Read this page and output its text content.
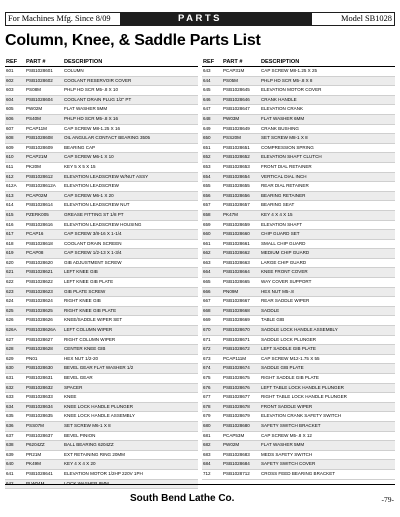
For Machines Mfg. Since 8/09	PARTS	Model SB1028
Column, Knee, & Saddle Parts List
REF	PART #	DESCRIPTION
601	PSB1028601	COLUMN
602	PSB1028602	COOLANT RESERVOIR COVER
603	PS08M	PHLP HD SCR M5-.8 X 10
604	PSB1028604	COOLANT DRAIN PLUG 1/2" PT
605	PW02M	FLAT WASHER 5MM
606	PS40M	PHLP HD SCR M5-.8 X 16
607	PCAP11M	CAP SCREW M8-1.25 X 16
608	PSB1028608	OIL ANGULAR CONTACT BEARING 3505
609	PSB1028609	BEARING CAP
610	PCAP21M	CAP SCREW M6-1 X 10
611	PK20M	KEY 5 X 5 X 15
612	PSB1028612	ELEVATION LEADSCREW W/NUT ASSY
612A	PSB1028612A	ELEVATION LEADSCREW
613	PCAP02M	CAP SCREW M6-1 X 20
614	PSB1028614	ELEVATION LEADSCREW NUT
615	PZERK005	GREASE FITTING ST 1/8 PT
616	PSB1028616	ELEVATION LEADSCREW HOUSING
617	PCAP16	CAP SCREW 3/8-16 X 1-1/4
618	PSB1028618	COOLANT DRAIN SCREEN
619	PCAP08	CAP SCREW 1/2-13 X 1-3/4
620	PSB1028620	GIB ADJUSTMENT SCREW
621	PSB1028621	LEFT KNEE GIB
622	PSB1028622	LEFT KNEE GIB PLATE
623	PSB1028623	GIB PLATE SCREW
624	PSB1028624	RIGHT KNEE GIB
625	PSB1028625	RIGHT KNEE GIB PLATE
626	PSB1028626	KNEE/SADDLE WIPER SET
626A	PSB1028626A	LEFT COLUMN WIPER
627	PSB1028627	RIGHT COLUMN WIPER
628	PSB1028628	CENTER KNEE GIB
629	PN01	HEX NUT 1/2-20
630	PSB1028630	BEVEL GEAR FLAT WASHER 1/2
631	PSB1028631	BEVEL GEAR
632	PSB1028632	SPACER
633	PSB1028633	KNEE
634	PSB1028634	KNEE LOCK HANDLE PLUNGER
635	PSB1028635	KNEE LOCK HANDLE ASSEMBLY
636	PSS07M	SET SCREW M6-1 X 8
637	PSB1028637	BEVEL PINION
638	P6204ZZ	BALL BEARING 6204ZZ
639	PR21M	EXT RETAINING RING 20MM
640	PK49M	KEY 4 X 4 X 20
641	PSB1028641	ELEVATION MOTOR 1/2HP 220V 1PH
642	PLW04M	LOCK WASHER 8MM
REF	PART #	DESCRIPTION
643	PCAP31M	CAP SCREW M8-1.25 X 25
644	PS05M	PHLP HD SCR M5-.8 X 8
645	PSB1028645	ELEVATION MOTOR COVER
646	PSB1028646	CRANK HANDLE
647	PSB1028647	ELEVATION CRANK
648	PW03M	FLAT WASHER 6MM
649	PSB1028649	CRANK BUSHING
650	PSS20M	SET SCREW M8-1 X 8
651	PSB1028651	COMPRESSION SPRING
652	PSB1028652	ELEVATION SHAFT CLUTCH
653	PSB1028653	FRONT DIAL RETAINER
654	PSB1028654	VERTICAL DIAL INCH
655	PSB1028655	REAR DIAL RETAINER
656	PSB1028656	BEARING RETAINER
657	PSB1028657	BEARING SEAT
658	PK47M	KEY 4 X 4 X 15
659	PSB1028659	ELEVATION SHAFT
660	PSB1028660	CHIP GUARD SET
661	PSB1028661	SMALL CHIP GUARD
662	PSB1028662	MEDIUM CHIP GUARD
663	PSB1028663	LARGE CHIP GUARD
664	PSB1028664	KNEE FRONT COVER
665	PSB1028665	WAY COVER SUPPORT
666	PN09M	HEX NUT M5-.8
667	PSB1028667	REAR SADDLE WIPER
668	PSB1028668	SADDLE
669	PSB1028669	TABLE GIB
670	PSB1028670	SADDLE LOCK HANDLE ASSEMBLY
671	PSB1028671	SADDLE LOCK PLUNGER
672	PSB1028672	LEFT SADDLE GIB PLATE
673	PCAP111M	CAP SCREW M12-1.75 X 55
674	PSB1028674	SADDLE GIB PLATE
675	PSB1028675	RIGHT SADDLE GIB PLATE
676	PSB1028676	LEFT TABLE LOCK HANDLE PLUNGER
677	PSB1028677	RIGHT TABLE LOCK HANDLE PLUNGER
678	PSB1028678	FRONT SADDLE WIPER
679	PSB1028679	ELEVATION CRANK SAFETY SWITCH
680	PSB1028680	SAFETY SWITCH BRACKET
681	PCAP53M	CAP SCREW M5-.8 X 12
682	PW02M	FLAT WASHER 5MM
683	PSB1028683	MEDS SAFETY SWITCH
684	PSB1028684	SAFETY SWITCH COVER
712	PSB1028712	CROSS FEED BEARING BRACKET
South Bend Lathe Co.	-79-
